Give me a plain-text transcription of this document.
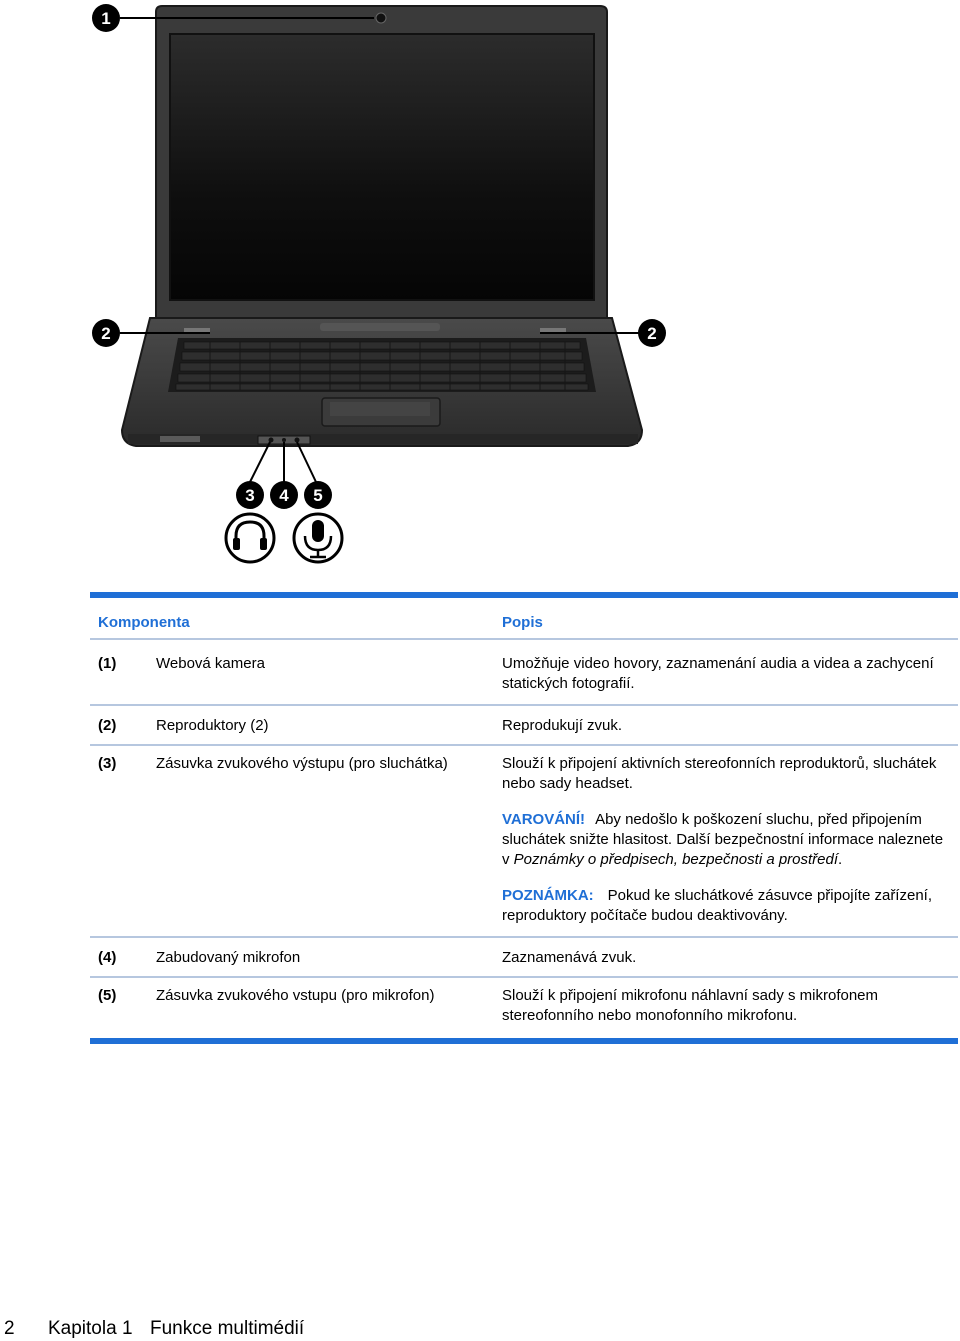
1
2	2
3 4 5
Komponenta	Popis
(1)	Webová kamera	Umožňuje video hovory, zaznamenání audia a videa a zachycení statických fotografií.
(2)	Reproduktory (2)	Reprodukují zvuk.
(3)	Zásuvka zvukového výstupu (pro sluchátka)	Slouží k připojení aktivních stereofonních reproduktorů, sluchátek nebo sady headset.
VAROVÁNÍ! Aby nedošlo k poškození sluchu, před připojením sluchátek snižte hlasitost. Další bezpečnostní informace naleznete v Poznámky o předpisech, bezpečnosti a prostředí.
POZNÁMKA: Pokud ke sluchátkové zásuvce připojíte zařízení, reproduktory počítače budou deaktivovány.
(4)	Zabudovaný mikrofon	Zaznamenává zvuk.
(5)	Zásuvka zvukového vstupu (pro mikrofon)	Slouží k připojení mikrofonu náhlavní sady s mikrofonem stereofonního nebo monofonního mikrofonu.
2 Kapitola 1 Funkce multimédií
